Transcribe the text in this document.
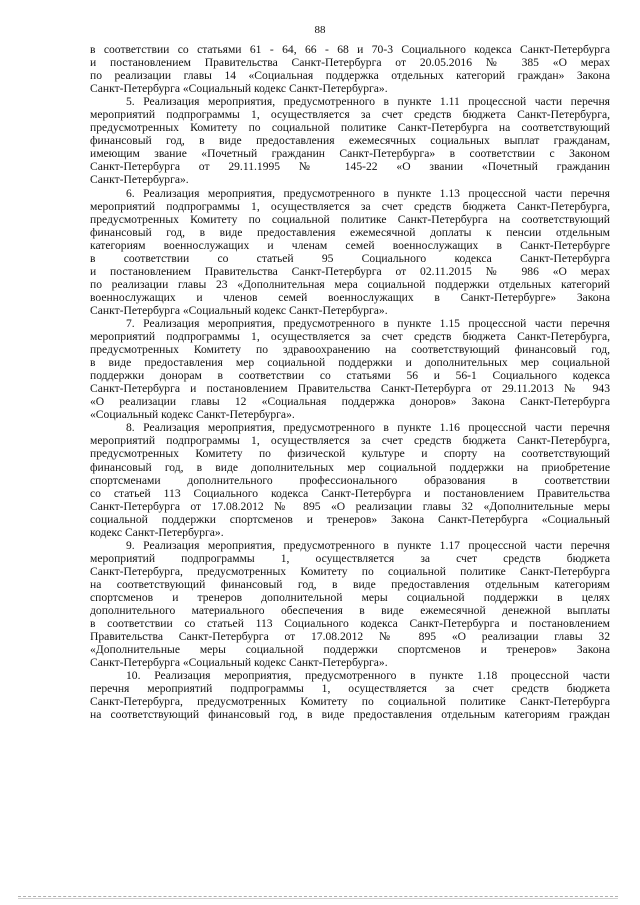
88
в соответствии со статьями 61 - 64, 66 - 68 и 70-3 Социального кодекса Санкт-Петербурга
и постановлением Правительства Санкт-Петербурга от 20.05.2016 № 385 «О мерах
по реализации главы 14 «Социальная поддержка отдельных категорий граждан» Закона
Санкт-Петербурга «Социальный кодекс Санкт-Петербурга».
5. Реализация мероприятия, предусмотренного в пункте 1.11 процессной части перечня
мероприятий подпрограммы 1, осуществляется за счет средств бюджета Санкт-Петербурга,
предусмотренных Комитету по социальной политике Санкт-Петербурга на соответствующий
финансовый год, в виде предоставления ежемесячных социальных выплат гражданам,
имеющим звание «Почетный гражданин Санкт-Петербурга» в соответствии с Законом
Санкт-Петербурга от 29.11.1995 № 145-22 «О звании «Почетный гражданин
Санкт-Петербурга».
6. Реализация мероприятия, предусмотренного в пункте 1.13 процессной части перечня
мероприятий подпрограммы 1, осуществляется за счет средств бюджета Санкт-Петербурга,
предусмотренных Комитету по социальной политике Санкт-Петербурга на соответствующий
финансовый год, в виде предоставления ежемесячной доплаты к пенсии отдельным
категориям военнослужащих и членам семей военнослужащих в Санкт-Петербурге
в соответствии со статьей 95 Социального кодекса Санкт-Петербурга
и постановлением Правительства Санкт-Петербурга от 02.11.2015 № 986 «О мерах
по реализации главы 23 «Дополнительная мера социальной поддержки отдельных категорий
военнослужащих и членов семей военнослужащих в Санкт-Петербурге» Закона
Санкт-Петербурга «Социальный кодекс Санкт-Петербурга».
7. Реализация мероприятия, предусмотренного в пункте 1.15 процессной части перечня
мероприятий подпрограммы 1, осуществляется за счет средств бюджета Санкт-Петербурга,
предусмотренных Комитету по здравоохранению на соответствующий финансовый год,
в виде предоставления мер социальной поддержки и дополнительных мер социальной
поддержки донорам в соответствии со статьями 56 и 56-1 Социального кодекса
Санкт-Петербурга и постановлением Правительства Санкт-Петербурга от 29.11.2013 № 943
«О реализации главы 12 «Социальная поддержка доноров» Закона Санкт-Петербурга
«Социальный кодекс Санкт-Петербурга».
8. Реализация мероприятия, предусмотренного в пункте 1.16 процессной части перечня
мероприятий подпрограммы 1, осуществляется за счет средств бюджета Санкт-Петербурга,
предусмотренных Комитету по физической культуре и спорту на соответствующий
финансовый год, в виде дополнительных мер социальной поддержки на приобретение
спортсменами дополнительного профессионального образования в соответствии
со статьей 113 Социального кодекса Санкт-Петербурга и постановлением Правительства
Санкт-Петербурга от 17.08.2012 № 895 «О реализации главы 32 «Дополнительные меры
социальной поддержки спортсменов и тренеров» Закона Санкт-Петербурга «Социальный
кодекс Санкт-Петербурга».
9. Реализация мероприятия, предусмотренного в пункте 1.17 процессной части перечня
мероприятий подпрограммы 1, осуществляется за счет средств бюджета
Санкт-Петербурга, предусмотренных Комитету по социальной политике Санкт-Петербурга
на соответствующий финансовый год, в виде предоставления отдельным категориям
спортсменов и тренеров дополнительной меры социальной поддержки в целях
дополнительного материального обеспечения в виде ежемесячной денежной выплаты
в соответствии со статьей 113 Социального кодекса Санкт-Петербурга и постановлением
Правительства Санкт-Петербурга от 17.08.2012 № 895 «О реализации главы 32
«Дополнительные меры социальной поддержки спортсменов и тренеров» Закона
Санкт-Петербурга «Социальный кодекс Санкт-Петербурга».
10. Реализация мероприятия, предусмотренного в пункте 1.18 процессной части
перечня мероприятий подпрограммы 1, осуществляется за счет средств бюджета
Санкт-Петербурга, предусмотренных Комитету по социальной политике Санкт-Петербурга
на соответствующий финансовый год, в виде предоставления отдельным категориям граждан
